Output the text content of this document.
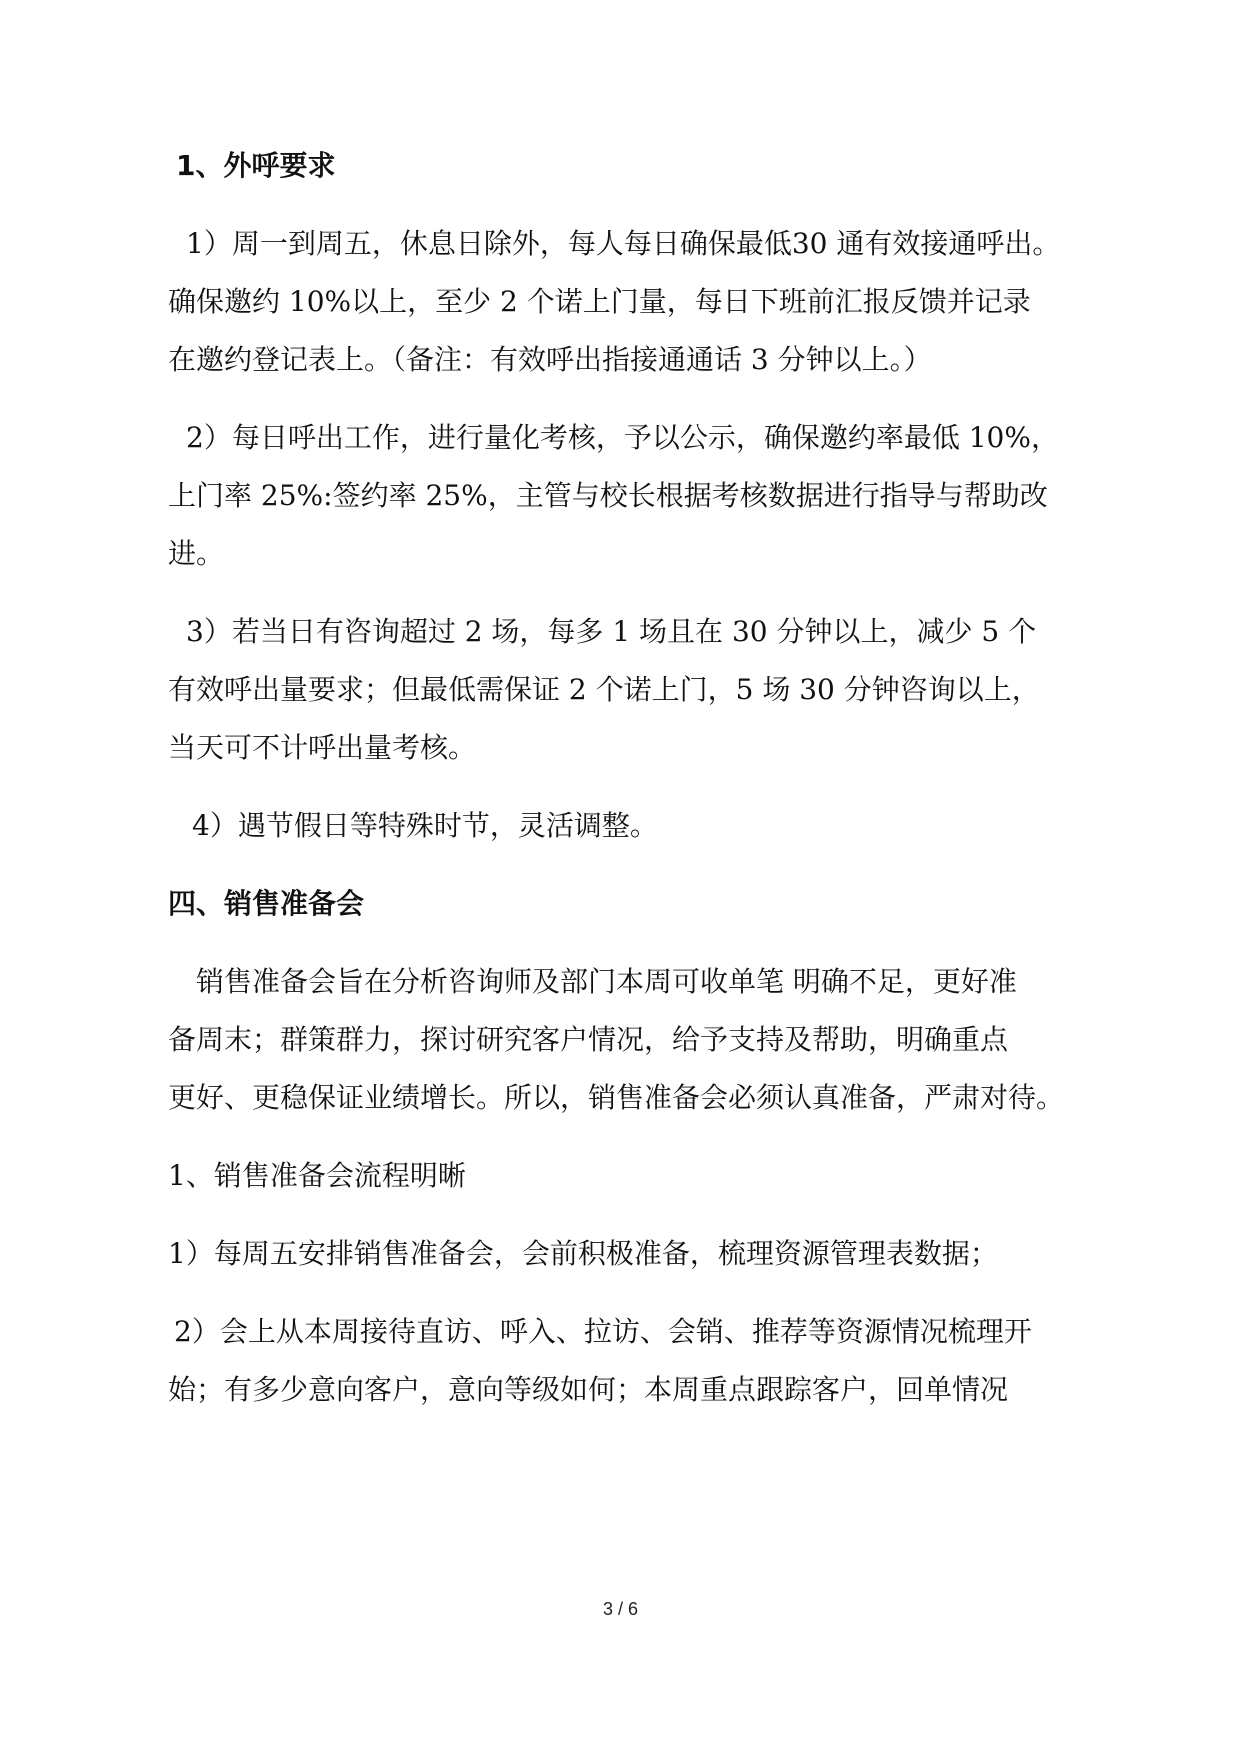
1、外呼要求
1）周一到周五，休息日除外，每人每日确保最低30 通有效接通呼出。
确保邀约 10%以上，至少 2 个诺上门量，每日下班前汇报反馈并记录
在邀约登记表上。（备注：有效呼出指接通通话 3 分钟以上。）
2）每日呼出工作，进行量化考核，予以公示，确保邀约率最低 10%，
上门率 25%:签约率 25%，主管与校长根据考核数据进行指导与帮助改
进。
3）若当日有咨询超过 2 场，每多 1 场且在 30 分钟以上，减少 5 个
有效呼出量要求；但最低需保证 2 个诺上门，5 场 30 分钟咨询以上，
当天可不计呼出量考核。
4）遇节假日等特殊时节，灵活调整。
四、销售准备会
销售准备会旨在分析咨询师及部门本周可收单笔 明确不足，更好准
备周末；群策群力，探讨研究客户情况，给予支持及帮助，明确重点
更好、更稳保证业绩增长。所以，销售准备会必须认真准备，严肃对待。
1、销售准备会流程明晰
1）每周五安排销售准备会，会前积极准备，梳理资源管理表数据；
2）会上从本周接待直访、呼入、拉访、会销、推荐等资源情况梳理开
始；有多少意向客户，意向等级如何；本周重点跟踪客户，回单情况
3 / 6
